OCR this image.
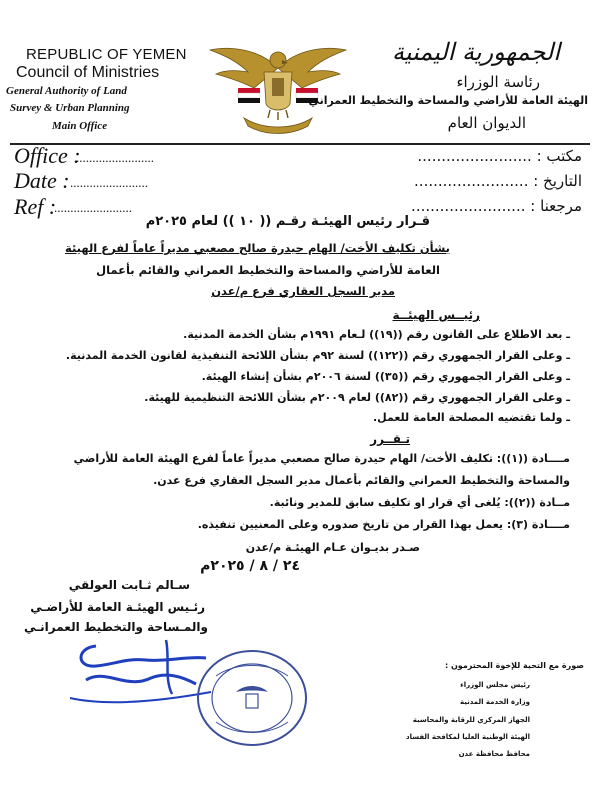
REPUBLIC OF YEMEN
Council of Ministries
General Authority of Land
Survey & Urban Planning
Main Office
الجمهورية اليمنية
رئاسة الوزراء
الهيئة العامة للأراضي والمساحة والتخطيط العمراني
الديوان العام
Office :
........................
Date : ........................
Ref :
........................
مكتب : ........................
التاريخ : ........................
مرجعنا : ........................
قـرار رئيس الهيئـة رقـم (( ١٠ )) لعام ٢٠٢٥م
بشأن تكليف الأخت/ الهام حيدرة صالح مصعبي مديراً عاماً لفرع الهيئة
العامة للأراضي والمساحة والتخطيط العمراني والقائم بأعمال
مدير السجل العقاري فرع م/عدن
رئيــس الهيئــة
ـ بعد الاطلاع على القانون رقم ((١٩)) لـعام ١٩٩١م بشأن الخدمة المدنية.
ـ وعلى القرار الجمهوري رقم ((١٢٢)) لسنة ٩٢م بشأن اللائحة التنفيذية لقانون الخدمة المدنية.
ـ وعلى القرار الجمهوري رقم ((٣٥)) لسنة ٢٠٠٦م بشأن إنشاء الهيئة.
ـ وعلى القرار الجمهوري رقم ((٨٢)) لعام ٢٠٠٩م بشأن اللائحة التنظيمية للهيئة.
ـ ولما تقتضيه المصلحة العامة للعمل.
تـقــرر
مــــادة ((١)): تكليف الأخت/ الهام حيدرة صالح مصعبي مديراً عاماً لفرع الهيئة العامة للأراضي
والمساحة والتخطيط العمراني والقائم بأعمال مدير السجل العقاري فرع عدن.
مــادة ((٢)): يُلغى أي قرار او تكليف سابق للمدير ونائبة.
مــــادة (٣): يعمل بهذا القرار من تاريخ صدوره وعلى المعنيين تنفيذه.
صـدر بديـوان عـام الهيئـة م/عدن
٢٤ / ٨ / ٢٠٢٥م
سـالم ثـابت العولقي
رئـيس الهيئـة العامة للأراضـي
والمـساحة والتخطيط العمرانـي
صورة مع التحية للإخوة المحترمون :
رئيس مجلس الوزراء
وزارة الخدمة المدنية
الجهاز المركزي للرقابة والمحاسبة
الهيئة الوطنية العليا لمكافحة الفساد
محافظ محافظة عدن
